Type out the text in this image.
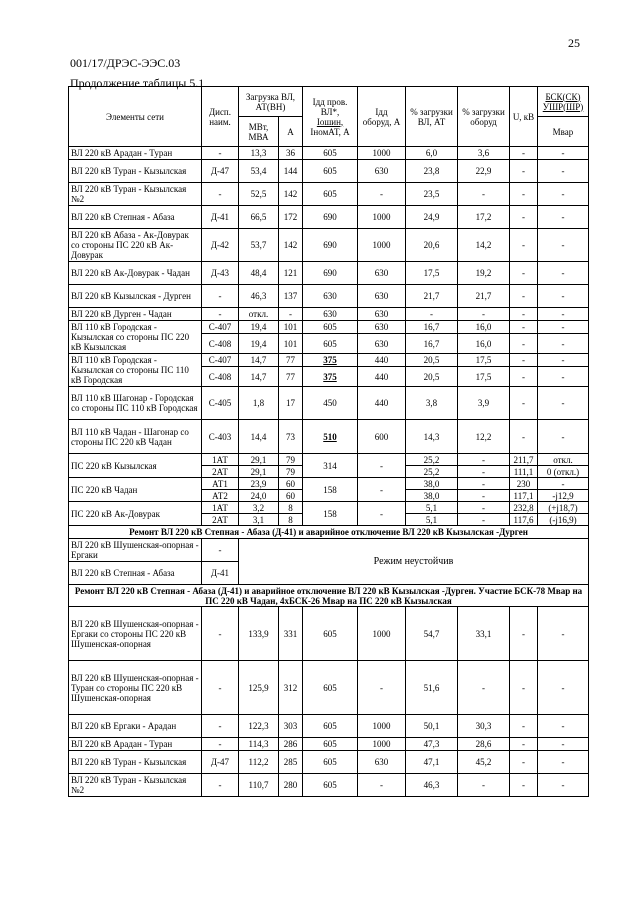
25
001/17/ДРЭС-ЭЭС.03
Продолжение таблицы 5.1
Элементы сети	Дисп. наим.	Загрузка ВЛ, АТ(ВН)		Iдд пров. ВЛ*,
Iошин,
IномАТ, А	Iдд оборуд, А	% загрузки ВЛ, АТ	% загрузки оборуд	U, кВ	БСК(СК)
УШР(ШР)
		МВт, МВА	А						Мвар
ВЛ 220 кВ Арадан - Туран	-	13,3	36	605	1000	6,0	3,6	-	-
ВЛ 220 кВ Туран - Кызылская	Д-47	53,4	144	605	630	23,8	22,9	-	-
ВЛ 220 кВ Туран - Кызылская №2	-	52,5	142	605	-	23,5	-	-	-
ВЛ 220 кВ Степная - Абаза	Д-41	66,5	172	690	1000	24,9	17,2	-	-
ВЛ 220 кВ Абаза - Ак-Довурак со стороны ПС 220 кВ Ак-Довурак	Д-42	53,7	142	690	1000	20,6	14,2	-	-
ВЛ 220 кВ Ак-Довурак - Чадан	Д-43	48,4	121	690	630	17,5	19,2	-	-
ВЛ 220 кВ Кызылская - Дурген	-	46,3	137	630	630	21,7	21,7	-	-
ВЛ 220 кВ Дурген - Чадан	-	откл.	-	630	630	-	-	-	-
ВЛ 110 кВ Городская - Кызылская со стороны ПС 220 кВ Кызылская	С-407	19,4	101	605	630	16,7	16,0	-	-
	С-408	19,4	101	605	630	16,7	16,0	-	-
ВЛ 110 кВ Городская - Кызылская со стороны ПС 110 кВ Городская	С-407	14,7	77	375	440	20,5	17,5	-	-
	С-408	14,7	77	375	440	20,5	17,5	-	-
ВЛ 110 кВ Шагонар - Городская со стороны ПС 110 кВ Городская	С-405	1,8	17	450	440	3,8	3,9	-	-
ВЛ 110 кВ Чадан - Шагонар со стороны ПС 220 кВ Чадан	С-403	14,4	73	510	600	14,3	12,2	-	-
ПС 220 кВ Кызылская	1АТ	29,1	79	314	-	25,2	-	211,7	откл.
	2АТ	29,1	79			25,2	-	111,1	0 (откл.)
ПС 220 кВ Чадан	АТ1	23,9	60	158	-	38,0	-	230	-
	АТ2	24,0	60			38,0	-	117,1	-j12,9
ПС 220 кВ Ак-Довурак	1АТ	3,2	8	158	-	5,1	-	232,8	(+j18,7)
	2АТ	3,1	8			5,1	-	117,6	(-j16,9)
Ремонт ВЛ 220 кВ Степная - Абаза (Д-41) и аварийное отключение ВЛ 220 кВ Кызылская -Дурген									
ВЛ 220 кВ Шушенская-опорная - Ергаки	-	Режим неустойчив							
ВЛ 220 кВ Степная - Абаза	Д-41								
Ремонт ВЛ 220 кВ Степная - Абаза (Д-41) и аварийное отключение ВЛ 220 кВ Кызылская -Дурген. Участие БСК-78 Мвар на ПС 220 кВ Чадан, 4хБСК-26 Мвар на ПС 220 кВ Кызылская									
ВЛ 220 кВ Шушенская-опорная - Ергаки со стороны ПС 220 кВ Шушенская-опорная	-	133,9	331	605	1000	54,7	33,1	-	-
ВЛ 220 кВ Шушенская-опорная - Туран со стороны ПС 220 кВ Шушенская-опорная	-	125,9	312	605	-	51,6	-	-	-
ВЛ 220 кВ Ергаки - Арадан	-	122,3	303	605	1000	50,1	30,3	-	-
ВЛ 220 кВ Арадан - Туран	-	114,3	286	605	1000	47,3	28,6	-	-
ВЛ 220 кВ Туран - Кызылская	Д-47	112,2	285	605	630	47,1	45,2	-	-
ВЛ 220 кВ Туран - Кызылская №2	-	110,7	280	605	-	46,3	-	-	-
